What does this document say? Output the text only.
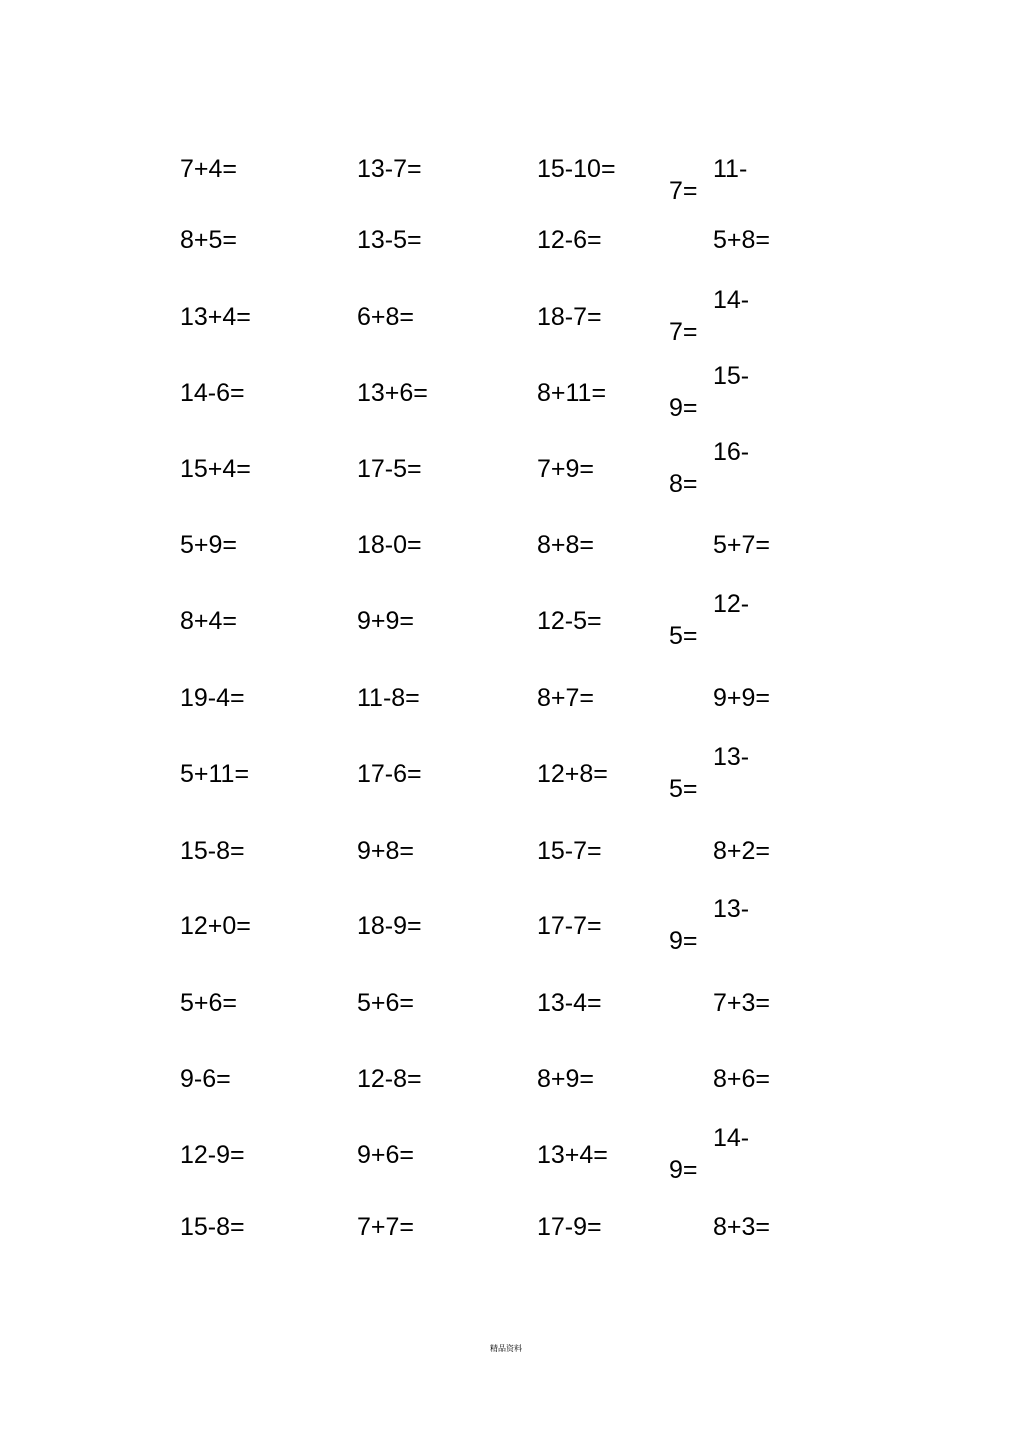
7+4=	13-7=	15-10=	11-
7=
8+5=	13-5=	12-6=	5+8=
13+4=	6+8=	18-7=
14-
7=
14-6=	13+6=	8+11=
15-
9=
15+4=	17-5=	7+9=
16-
8=
5+9=	18-0=	8+8=	5+7=
8+4=	9+9=	12-5=
12-
5=
19-4=	11-8=	8+7=	9+9=
5+11=	17-6=	12+8=
13-
5=
15-8=	9+8=	15-7=	8+2=
12+0=	18-9=	17-7=
13-
9=
5+6=	5+6=	13-4=	7+3=
9-6=	12-8=	8+9=	8+6=
12-9=	9+6=	13+4=
14-
9=
15-8=	7+7=	17-9=	8+3=
精品资料
